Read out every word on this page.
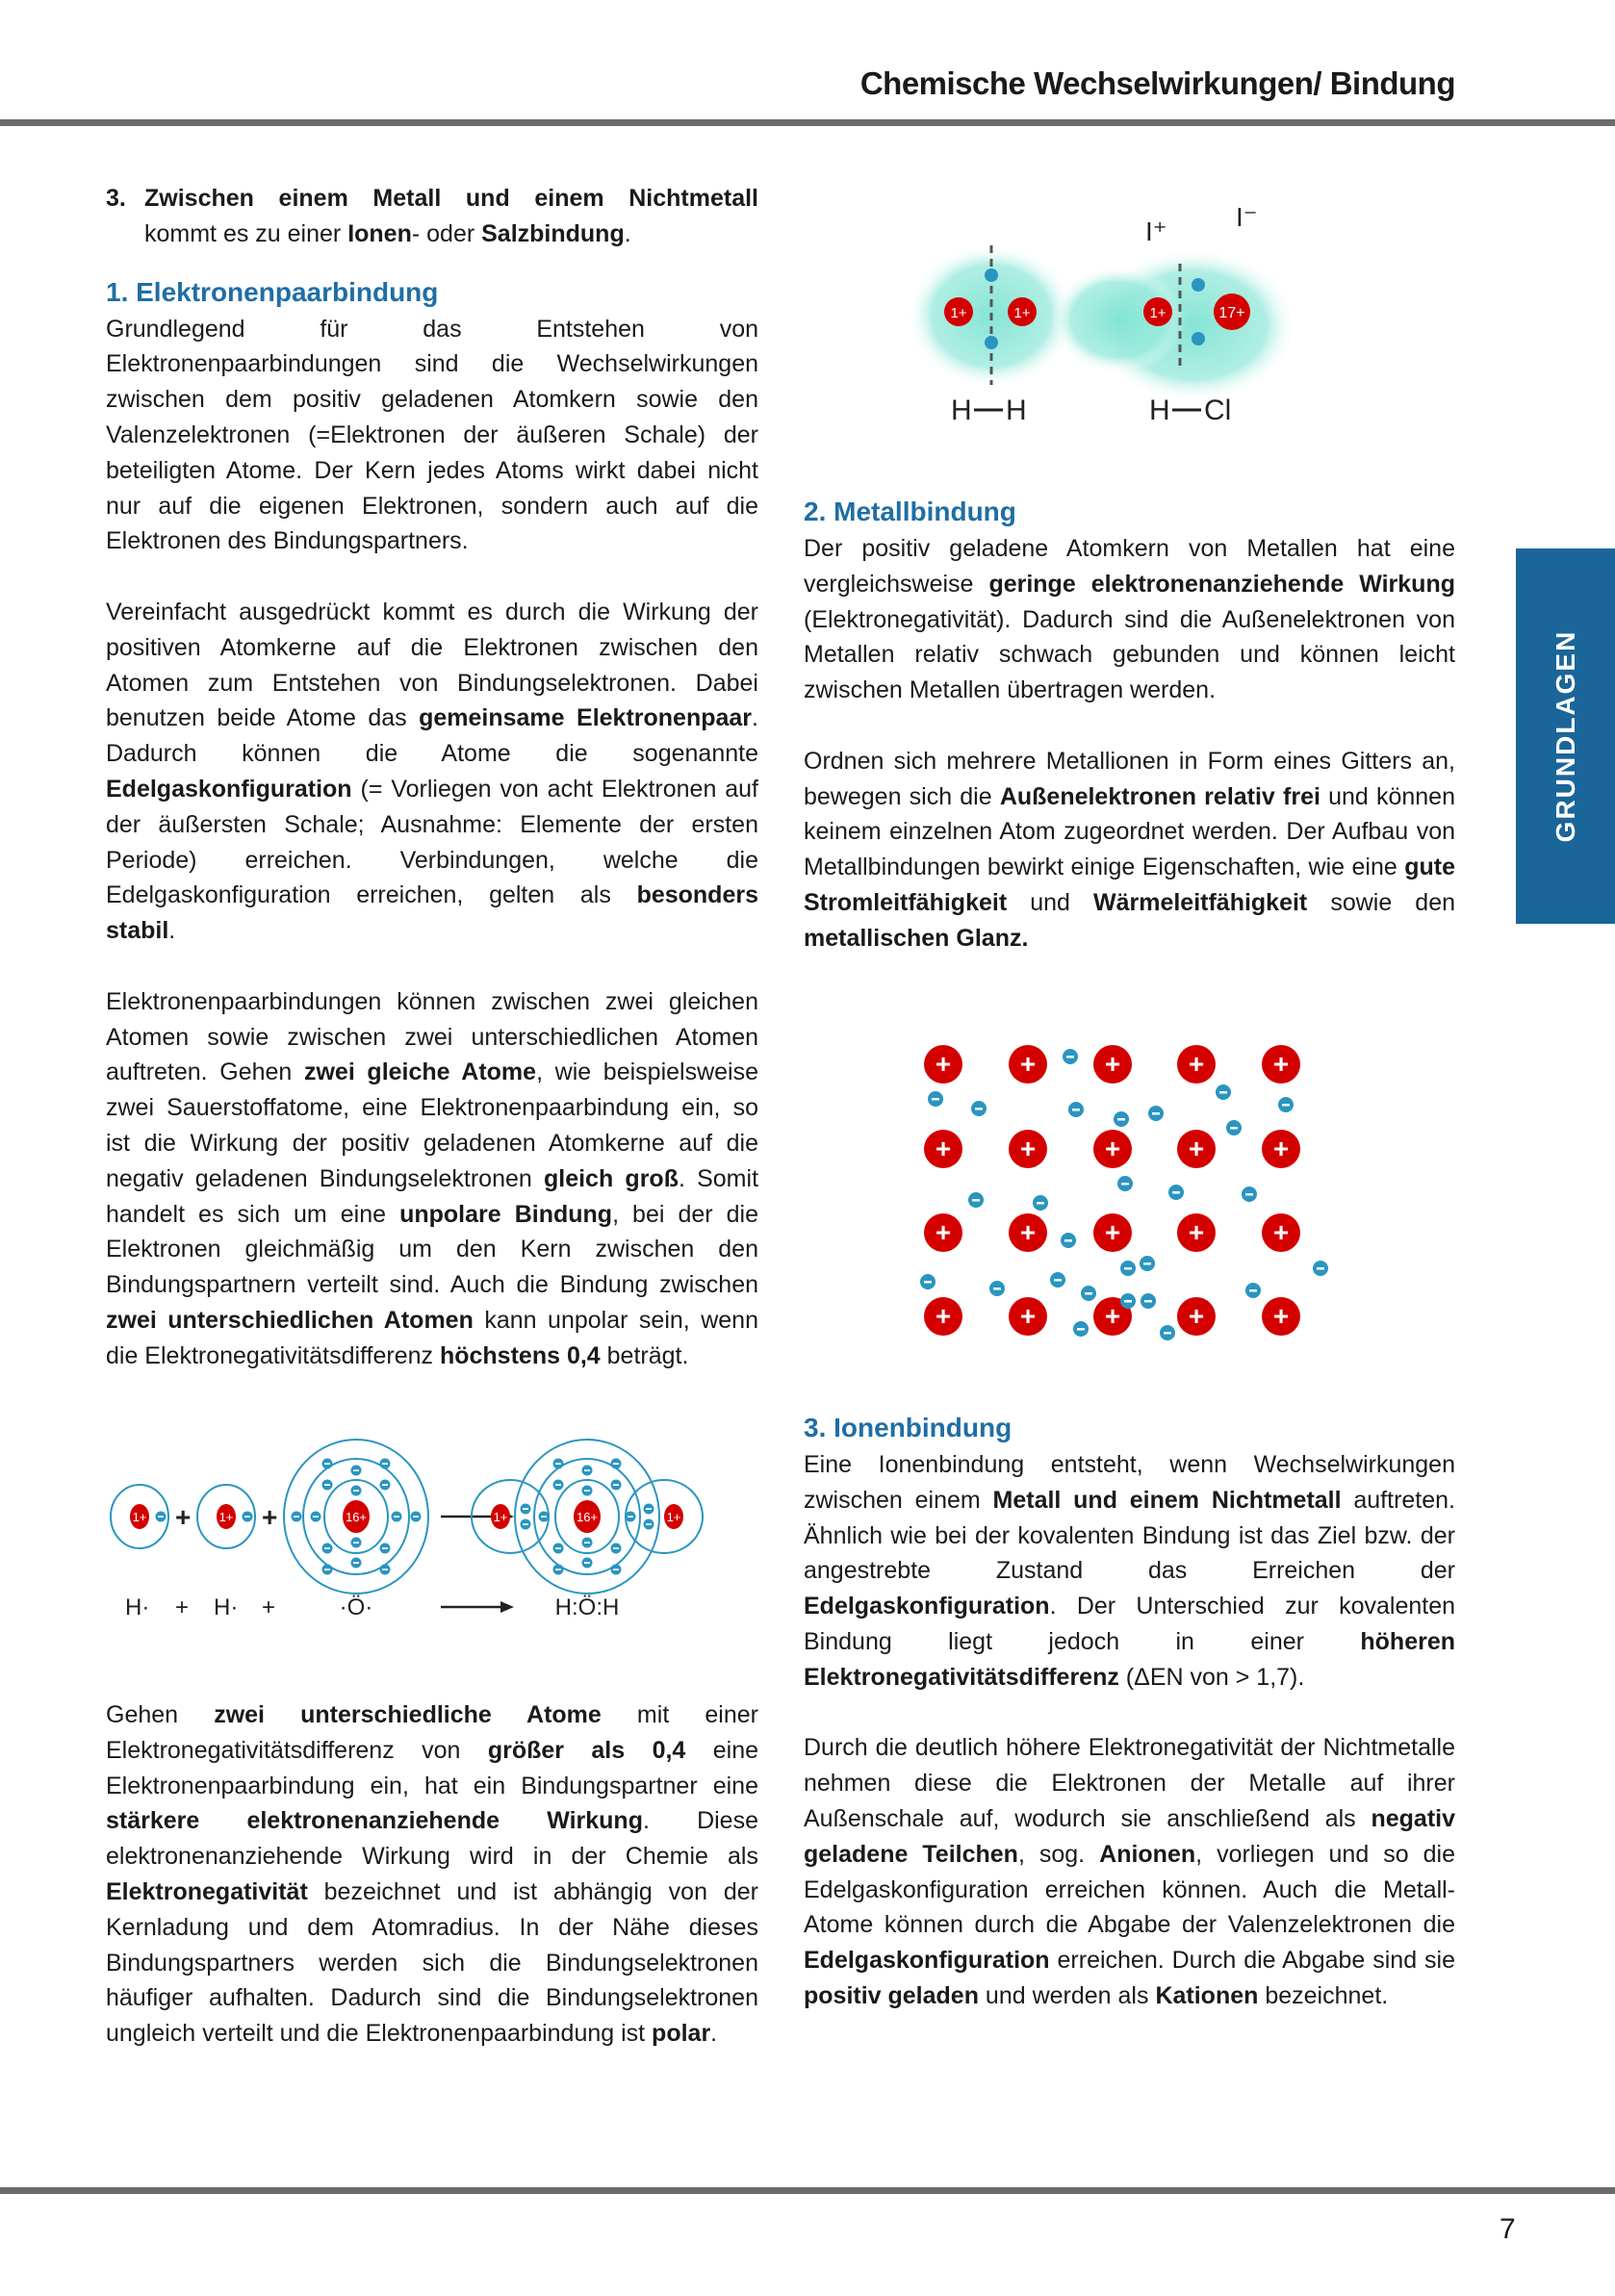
Chemische Wechselwirkungen/ Bindung
GRUNDLAGEN
3. Zwischen einem Metall und einem Nichtmetall

kommt es zu einer Ionen- oder Salzbindung.

1. Elektronenpaarbindung

Grundlegend für das Entstehen von Elektronenpaarbindungen sind die Wechselwirkungen zwischen dem positiv geladenen Atomkern sowie den Valenzelektronen (=Elektronen der äußeren Schale) der beteiligten Atome. Der Kern jedes Atoms wirkt dabei nicht nur auf die eigenen Elektronen, sondern auch auf die Elektronen des Bindungspartners.

Vereinfacht ausgedrückt kommt es durch die Wirkung der positiven Atomkerne auf die Elektronen zwischen den Atomen zum Entstehen von Bindungselektronen. Dabei benutzen beide Atome das gemeinsame Elektronenpaar. Dadurch können die Atome die sogenannte Edelgaskonfiguration (= Vorliegen von acht Elektronen auf der äußersten Schale; Ausnahme: Elemente der ersten Periode) erreichen. Verbindungen, welche die Edelgaskonfiguration erreichen, gelten als besonders stabil.

Elektronenpaarbindungen können zwischen zwei gleichen Atomen sowie zwischen zwei unterschiedlichen Atomen auftreten. Gehen zwei gleiche Atome, wie beispielsweise zwei Sauerstoffatome, eine Elektronenpaarbindung ein, so ist die Wirkung der positiv geladenen Atomkerne auf die negativ geladenen Bindungselektronen gleich groß. Somit handelt es sich um eine unpolare Bindung, bei der die Elektronen gleichmäßig um den Kern zwischen den Bindungspartnern verteilt sind. Auch die Bindung zwischen zwei unterschiedlichen Atomen kann unpolar sein, wenn die Elektronegativitätsdifferenz höchstens 0,4 beträgt.

1+ + 1+ +	16+	16+
1+	1+
H· + H· +	·Ö·	H:Ö:H

Gehen zwei unterschiedliche Atome mit einer Elektronegativitätsdifferenz von größer als 0,4 eine Elektronenpaarbindung ein, hat ein Bindungspartner eine stärkere elektronenanziehende Wirkung. Diese elektronenanziehende Wirkung wird in der Chemie als Elektronegativität bezeichnet und ist abhängig von der Kernladung und dem Atomradius. In der Nähe dieses Bindungspartners werden sich die Bindungselektronen häufiger aufhalten. Dadurch sind die Bindungselektronen ungleich verteilt und die Elektronenpaarbindung ist polar.

1+	1+
H H
1+	17+
I⁺	I⁻
H Cl
2. Metallbindung

Der positiv geladene Atomkern von Metallen hat eine vergleichsweise geringe elektronenanziehende Wirkung (Elektronegativität). Dadurch sind die Außenelektronen von Metallen relativ schwach gebunden und können leicht zwischen Metallen übertragen werden.

Ordnen sich mehrere Metallionen in Form eines Gitters an, bewegen sich die Außenelektronen relativ frei und können keinem einzelnen Atom zugeordnet werden. Der Aufbau von Metallbindungen bewirkt einige Eigenschaften, wie eine gute Stromleitfähigkeit und Wärmeleitfähigkeit sowie den metallischen Glanz.

+	+	+	+	+
+	+	+	+	+
+	+	+	+	+
+	+	+	+	+
3. Ionenbindung

Eine Ionenbindung entsteht, wenn Wechselwirkungen zwischen einem Metall und einem Nichtmetall auftreten. Ähnlich wie bei der kovalenten Bindung ist das Ziel bzw. der angestrebte Zustand das Erreichen der Edelgaskonfiguration. Der Unterschied zur kovalenten Bindung liegt jedoch in einer höheren Elektronegativitätsdifferenz (ΔEN von > 1,7).

Durch die deutlich höhere Elektronegativität der Nichtmetalle nehmen diese die Elektronen der Metalle auf ihrer Außenschale auf, wodurch sie anschließend als negativ geladene Teilchen, sog. Anionen, vorliegen und so die Edelgaskonfiguration erreichen können. Auch die Metall-Atome können durch die Abgabe der Valenzelektronen die Edelgaskonfiguration erreichen. Durch die Abgabe sind sie positiv geladen und werden als Kationen bezeichnet.

7
